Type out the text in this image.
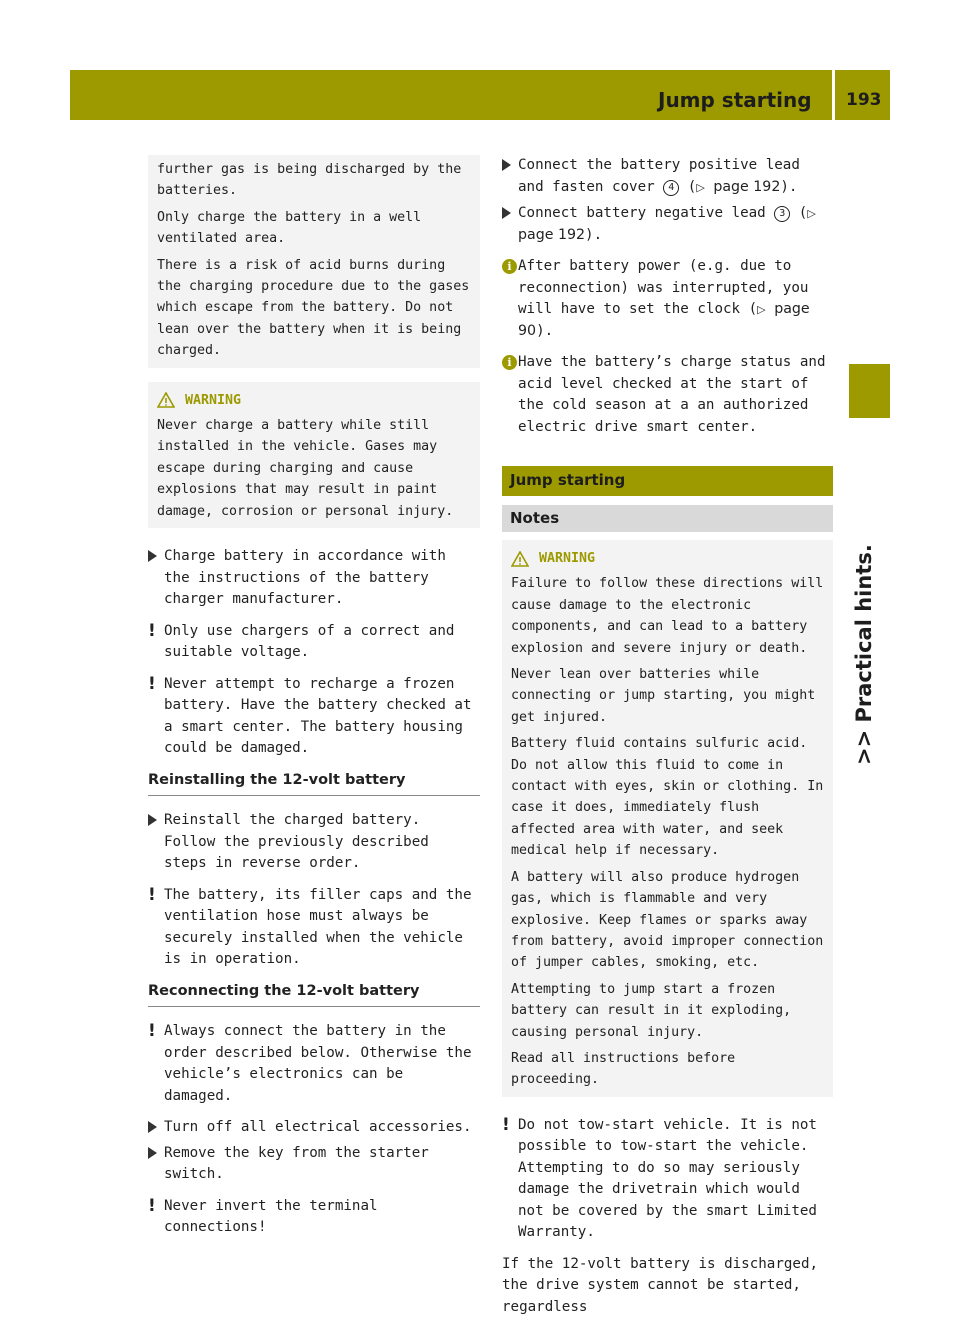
Jump starting 193
>> Practical hints.

further gas is being discharged by the batteries.

Only charge the battery in a well ventilated area.

There is a risk of acid burns during the charging procedure due to the gases which escape from the battery. Do not lean over the battery when it is being charged.

WARNING

Never charge a battery while still installed in the vehicle. Gases may escape during charging and cause explosions that may result in paint damage, corrosion or personal injury.

Charge battery in accordance with the instructions of the battery charger manufacturer.
! Only use chargers of a correct and suitable voltage.
! Never attempt to recharge a frozen battery. Have the battery checked at a smart center. The battery housing could be damaged.
Reinstalling the 12-volt battery
Reinstall the charged battery. Follow the previously described steps in reverse order.
! The battery, its filler caps and the ventilation hose must always be securely installed when the vehicle is in operation.
Reconnecting the 12-volt battery
! Always connect the battery in the order described below. Otherwise the vehicle’s electronics can be damaged.
Turn off all electrical accessories.
Remove the key from the starter switch.
! Never invert the terminal connections!
Connect the battery positive lead and fasten cover 4 (▷ page 192).
Connect battery negative lead 3 (▷ page 192).
i After battery power (e.g. due to reconnection) was interrupted, you will have to set the clock (▷ page 90).
i Have the battery’s charge status and acid level checked at the start of the cold season at a an authorized electric drive smart center.
Jump starting
Notes
WARNING

Failure to follow these directions will cause damage to the electronic components, and can lead to a battery explosion and severe injury or death.

Never lean over batteries while connecting or jump starting, you might get injured.

Battery fluid contains sulfuric acid. Do not allow this fluid to come in contact with eyes, skin or clothing. In case it does, immediately flush affected area with water, and seek medical help if necessary.

A battery will also produce hydrogen gas, which is flammable and very explosive. Keep flames or sparks away from battery, avoid improper connection of jumper cables, smoking, etc.

Attempting to jump start a frozen battery can result in it exploding, causing personal injury.

Read all instructions before proceeding.

! Do not tow-start vehicle. It is not possible to tow-start the vehicle. Attempting to do so may seriously damage the drivetrain which would not be covered by the smart Limited Warranty.

If the 12-volt battery is discharged, the drive system cannot be started, regardless
